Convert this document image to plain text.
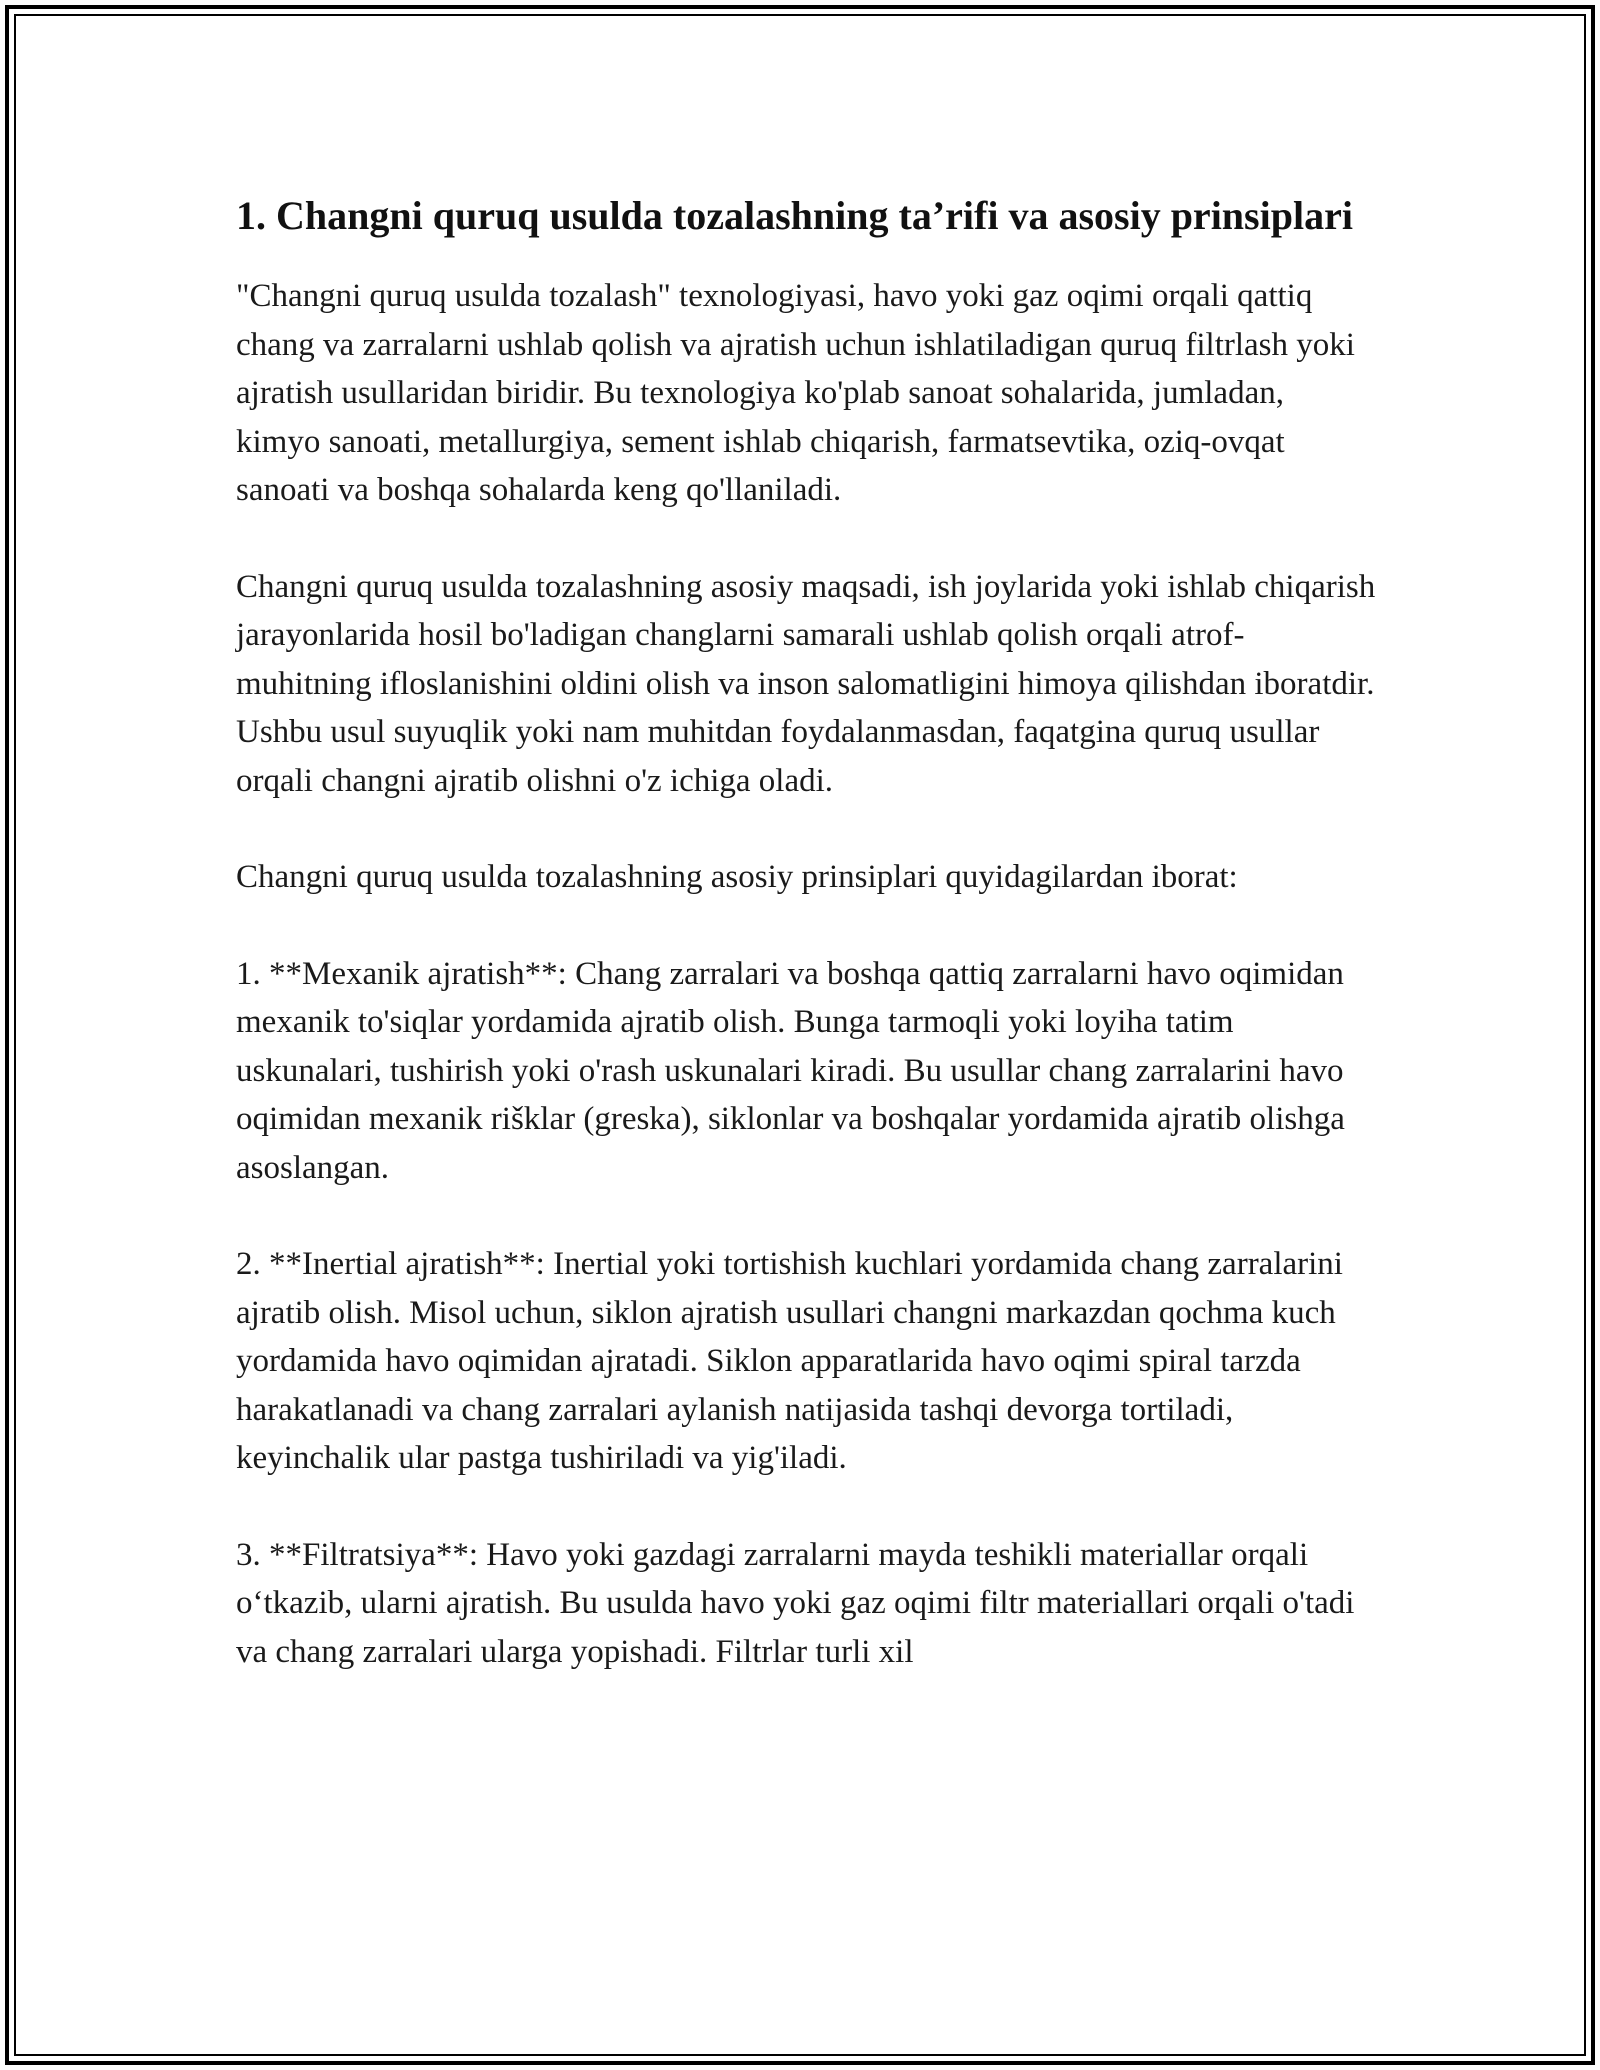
1. Changni quruq usulda tozalashning ta’rifi va asosiy prinsiplari

"Changni quruq usulda tozalash" texnologiyasi, havo yoki gaz oqimi orqali qattiq chang va zarralarni ushlab qolish va ajratish uchun ishlatiladigan quruq filtrlash yoki ajratish usullaridan biridir. Bu texnologiya ko'plab sanoat sohalarida, jumladan, kimyo sanoati, metallurgiya, sement ishlab chiqarish, farmatsevtika, oziq-ovqat sanoati va boshqa sohalarda keng qo'llaniladi.

Changni quruq usulda tozalashning asosiy maqsadi, ish joylarida yoki ishlab chiqarish jarayonlarida hosil bo'ladigan changlarni samarali ushlab qolish orqali atrof-muhitning ifloslanishini oldini olish va inson salomatligini himoya qilishdan iboratdir. Ushbu usul suyuqlik yoki nam muhitdan foydalanmasdan, faqatgina quruq usullar orqali changni ajratib olishni o'z ichiga oladi.

Changni quruq usulda tozalashning asosiy prinsiplari quyidagilardan iborat:

1. **Mexanik ajratish**: Chang zarralari va boshqa qattiq zarralarni havo oqimidan mexanik to'siqlar yordamida ajratib olish. Bunga tarmoqli yoki loyiha tatim uskunalari, tushirish yoki o'rash uskunalari kiradi. Bu usullar chang zarralarini havo oqimidan mexanik rišklar (greska), siklonlar va boshqalar yordamida ajratib olishga asoslangan.

2. **Inertial ajratish**: Inertial yoki tortishish kuchlari yordamida chang zarralarini ajratib olish. Misol uchun, siklon ajratish usullari changni markazdan qochma kuch yordamida havo oqimidan ajratadi. Siklon apparatlarida havo oqimi spiral tarzda harakatlanadi va chang zarralari aylanish natijasida tashqi devorga tortiladi, keyinchalik ular pastga tushiriladi va yig'iladi.

3. **Filtratsiya**: Havo yoki gazdagi zarralarni mayda teshikli materiallar orqali o‘tkazib, ularni ajratish. Bu usulda havo yoki gaz oqimi filtr materiallari orqali o'tadi va chang zarralari ularga yopishadi. Filtrlar turli xil
